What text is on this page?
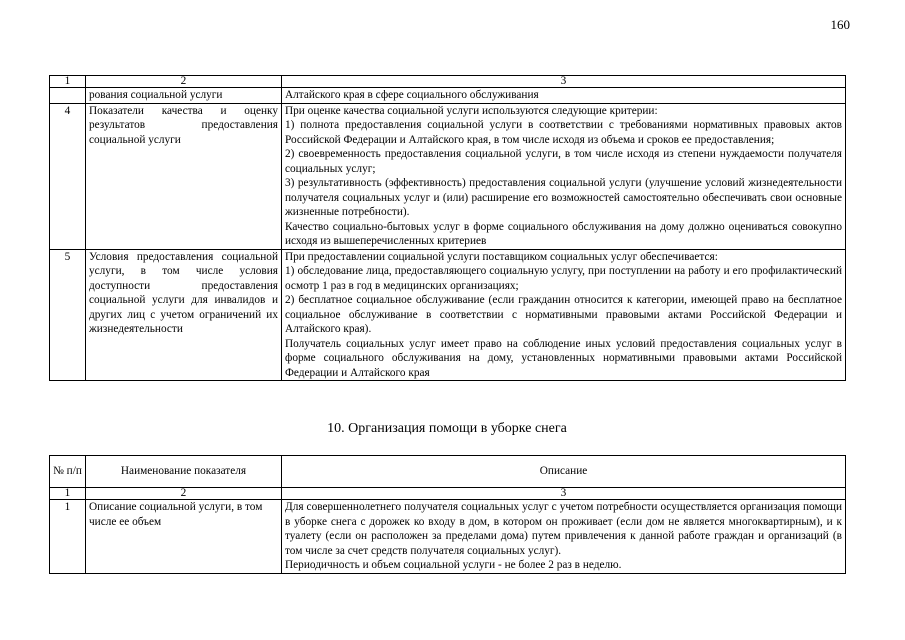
160
1	2	3
	рования социальной услуги	Алтайского края в сфере социального обслуживания
4	Показатели качества и оценку результатов предоставления социальной услуги	При оценке качества социальной услуги используются следующие критерии:

1) полнота предоставления социальной услуги в соответствии с требованиями нормативных правовых актов Российской Федерации и Алтайского края, в том числе исходя из объема и сроков ее предоставления;

2) своевременность предоставления социальной услуги, в том числе исходя из степени нуждаемости получателя социальных услуг;

3) результативность (эффективность) предоставления социальной услуги (улучшение условий жизнедеятельности получателя социальных услуг и (или) расширение его возможностей самостоятельно обеспечивать свои основные жизненные потребности).

Качество социально-бытовых услуг в форме социального обслуживания на дому должно оцениваться совокупно исходя из вышеперечисленных критериев

5	Условия предоставления социальной услуги, в том числе условия доступности предоставления социальной услуги для инвалидов и других лиц с учетом ограничений их жизнедеятельности	При предоставлении социальной услуги поставщиком социальных услуг обеспечивается:

1) обследование лица, предоставляющего социальную услугу, при поступлении на работу и его профилактический осмотр 1 раз в год в медицинских организациях;

2) бесплатное социальное обслуживание (если гражданин относится к категории, имеющей право на бесплатное социальное обслуживание в соответствии с нормативными правовыми актами Российской Федерации и Алтайского края).

Получатель социальных услуг имеет право на соблюдение иных условий предоставления социальных услуг в форме социального обслуживания на дому, установленных нормативными правовыми актами Российской Федерации и Алтайского края

10. Организация помощи в уборке снега
№ п/п	Наименование показателя	Описание
1	2	3
1	Описание социальной услуги, в том числе ее объем	Для совершеннолетнего получателя социальных услуг с учетом потребности осуществляется организация помощи в уборке снега с дорожек ко входу в дом, в котором он проживает (если дом не является многоквартирным), и к туалету (если он расположен за пределами дома) путем привлечения к данной работе граждан и организаций (в том числе за счет средств получателя социальных услуг).

Периодичность и объем социальной услуги - не более 2 раз в неделю.
